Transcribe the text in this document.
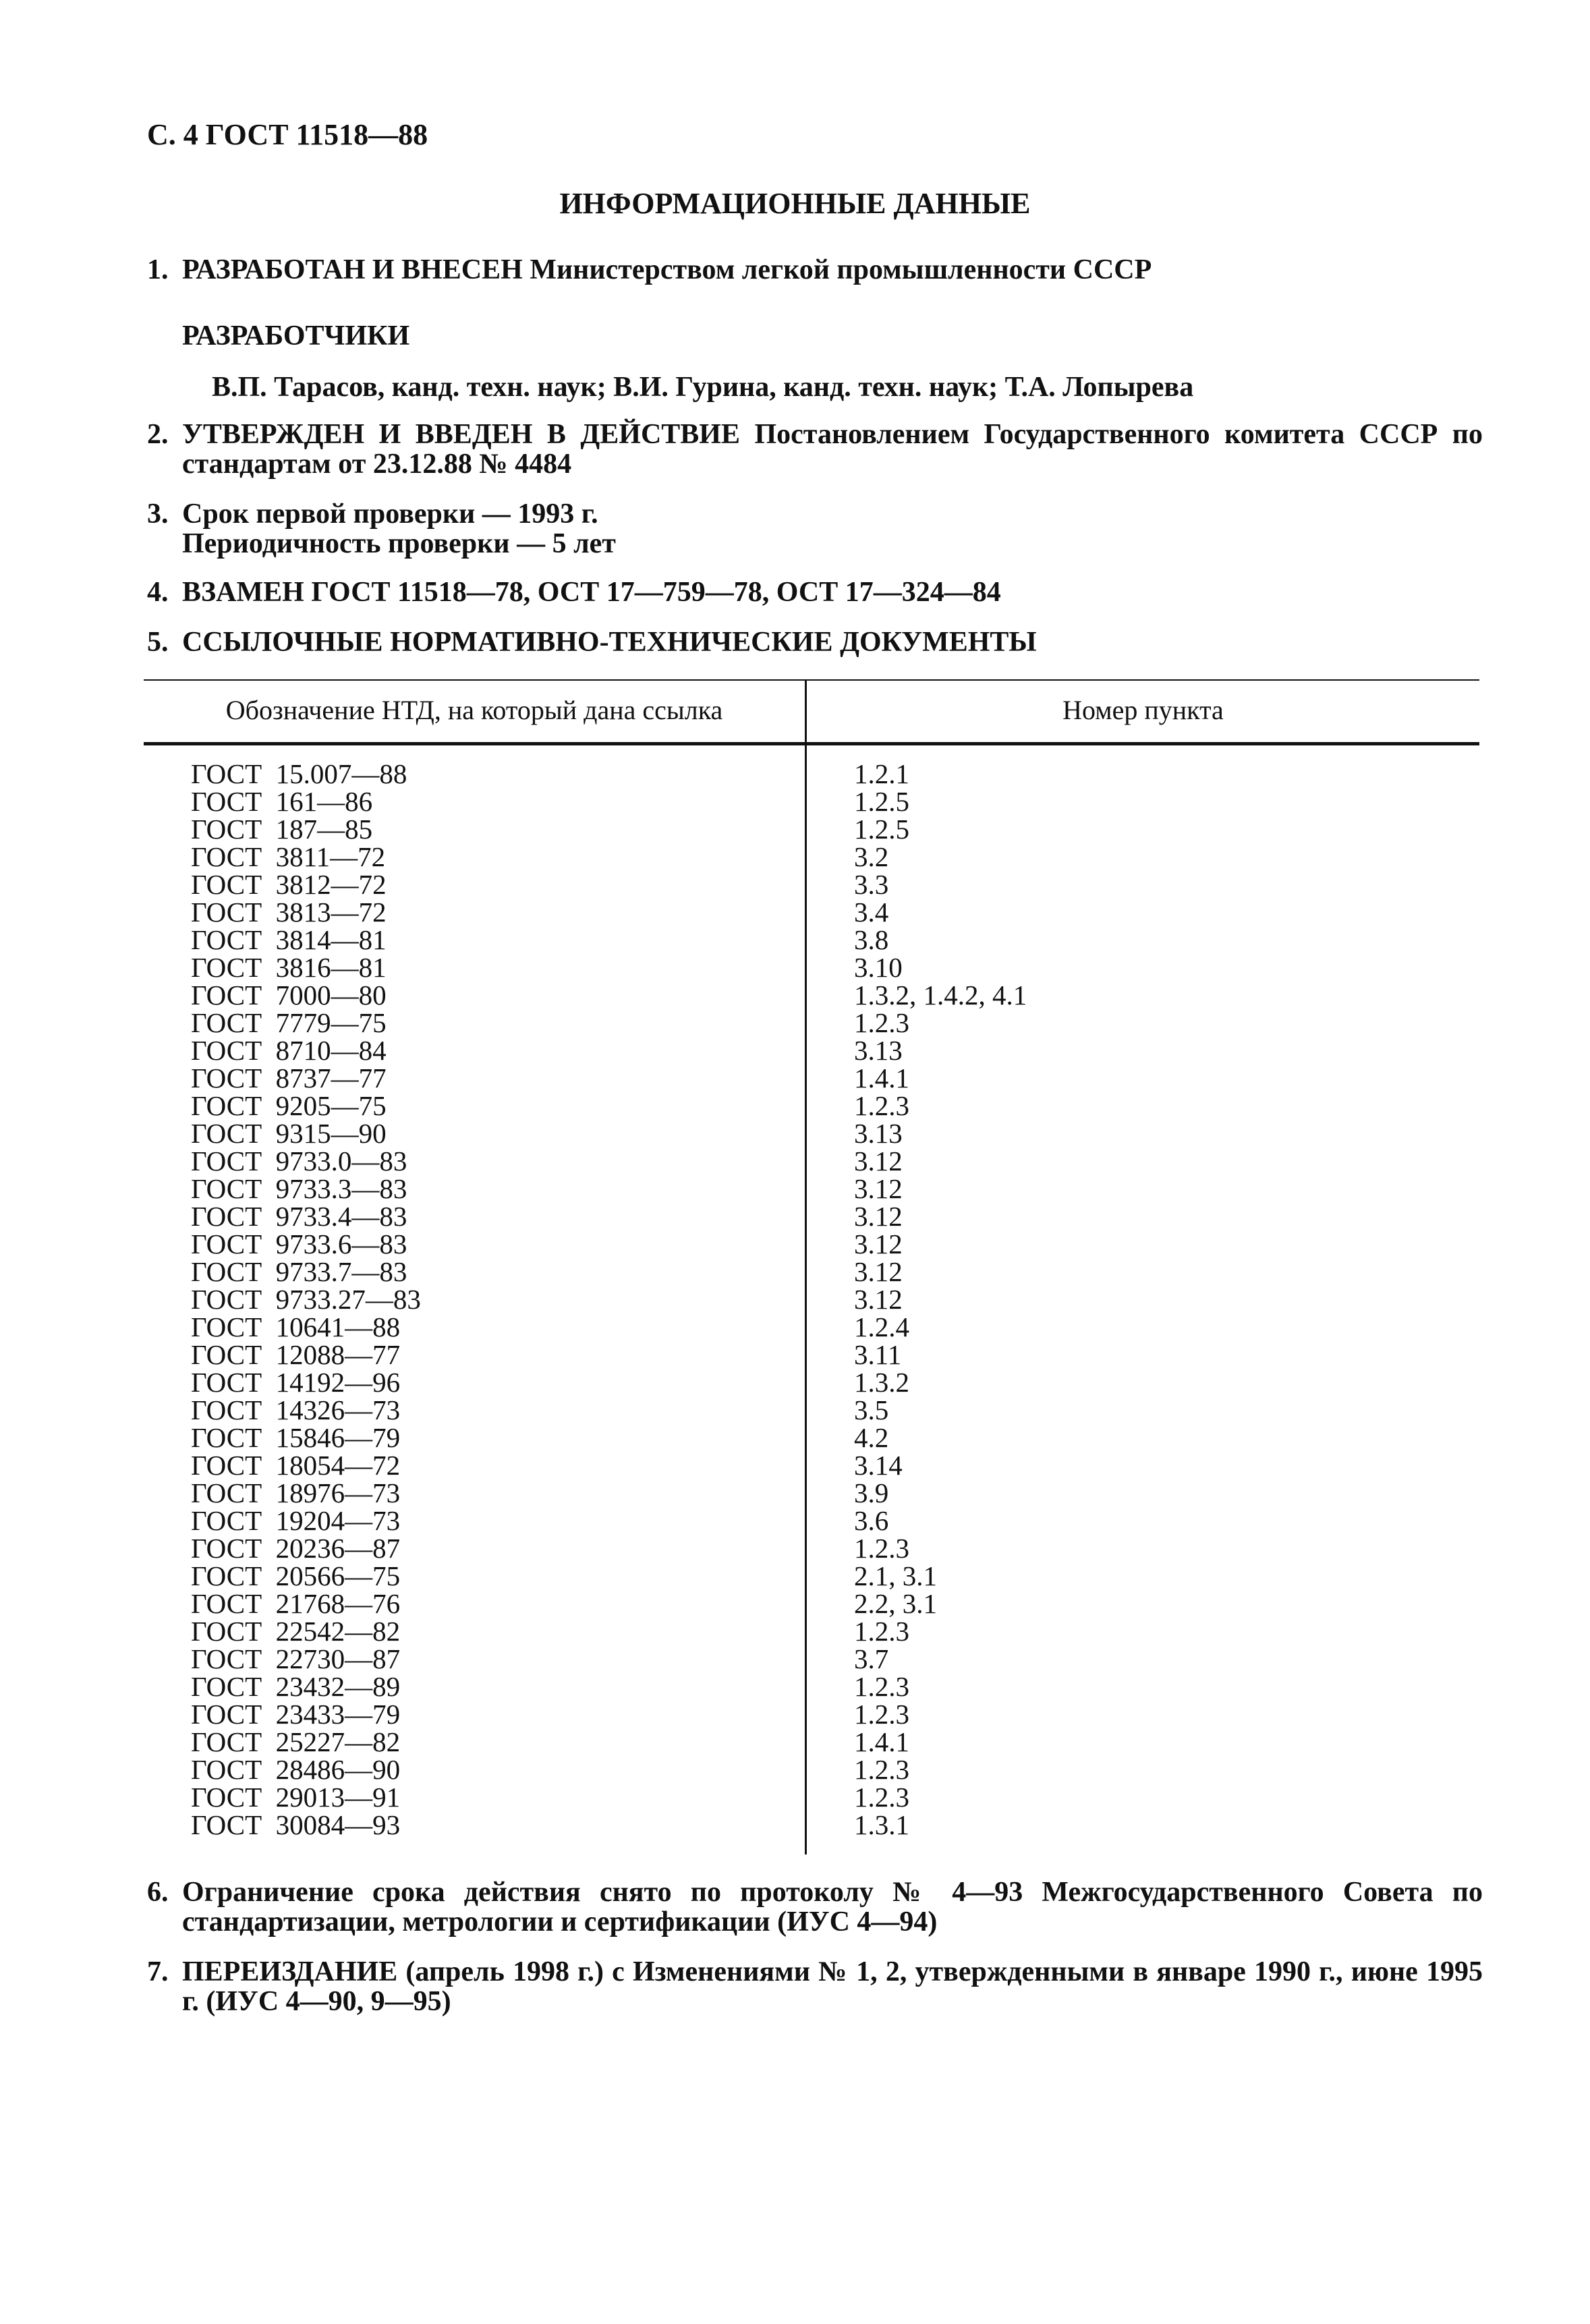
С. 4 ГОСТ 11518—88
ИНФОРМАЦИОННЫЕ ДАННЫЕ
1. РАЗРАБОТАН И ВНЕСЕН Министерством легкой промышленности СССР
РАЗРАБОТЧИКИ
В.П. Тарасов, канд. техн. наук; В.И. Гурина, канд. техн. наук; Т.А. Лопырева
2. УТВЕРЖДЕН И ВВЕДЕН В ДЕЙСТВИЕ Постановлением Государственного комитета СССР по стандартам от 23.12.88 № 4484
3. Срок первой проверки — 1993 г.
Периодичность проверки — 5 лет
4. ВЗАМЕН ГОСТ 11518—78, ОСТ 17—759—78, ОСТ 17—324—84
5. ССЫЛОЧНЫЕ НОРМАТИВНО-ТЕХНИЧЕСКИЕ ДОКУМЕНТЫ
Обозначение НТД, на который дана ссылка	Номер пункта
ГОСТ  15.007—88	1.2.1
ГОСТ  161—86	1.2.5
ГОСТ  187—85	1.2.5
ГОСТ  3811—72	3.2
ГОСТ  3812—72	3.3
ГОСТ  3813—72	3.4
ГОСТ  3814—81	3.8
ГОСТ  3816—81	3.10
ГОСТ  7000—80	1.3.2, 1.4.2, 4.1
ГОСТ  7779—75	1.2.3
ГОСТ  8710—84	3.13
ГОСТ  8737—77	1.4.1
ГОСТ  9205—75	1.2.3
ГОСТ  9315—90	3.13
ГОСТ  9733.0—83	3.12
ГОСТ  9733.3—83	3.12
ГОСТ  9733.4—83	3.12
ГОСТ  9733.6—83	3.12
ГОСТ  9733.7—83	3.12
ГОСТ  9733.27—83	3.12
ГОСТ  10641—88	1.2.4
ГОСТ  12088—77	3.11
ГОСТ  14192—96	1.3.2
ГОСТ  14326—73	3.5
ГОСТ  15846—79	4.2
ГОСТ  18054—72	3.14
ГОСТ  18976—73	3.9
ГОСТ  19204—73	3.6
ГОСТ  20236—87	1.2.3
ГОСТ  20566—75	2.1, 3.1
ГОСТ  21768—76	2.2, 3.1
ГОСТ  22542—82	1.2.3
ГОСТ  22730—87	3.7
ГОСТ  23432—89	1.2.3
ГОСТ  23433—79	1.2.3
ГОСТ  25227—82	1.4.1
ГОСТ  28486—90	1.2.3
ГОСТ  29013—91	1.2.3
ГОСТ  30084—93	1.3.1
6. Ограничение срока действия снято по протоколу № 4—93 Межгосударственного Совета по стандартизации, метрологии и сертификации (ИУС 4—94)
7. ПЕРЕИЗДАНИЕ (апрель 1998 г.) с Изменениями № 1, 2, утвержденными в январе 1990 г., июне 1995 г. (ИУС 4—90, 9—95)
